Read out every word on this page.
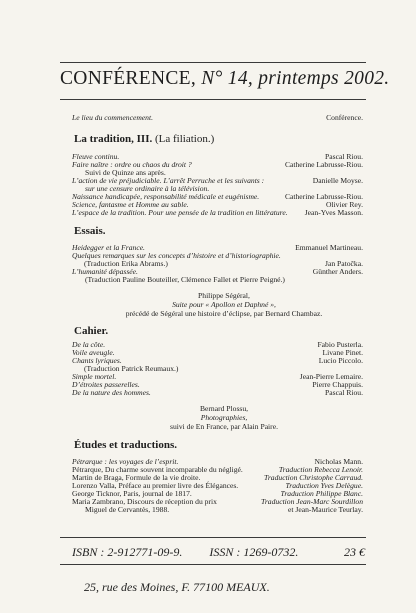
CONFÉRENCE, N° 14, printemps 2002.
Le lieu du commencement.	Conférence.
La tradition, III. (La filiation.)
Fleuve continu.	Pascal Riou.
Faire naître : ordre ou chaos du droit ?	Catherine Labrusse-Riou.
Suivi de Quinze ans après.
L’action de vie préjudiciable. L’arrêt Perruche et les suivants :	Danielle Moyse.
sur une censure ordinaire à la télévision.
Naissance handicapée, responsabilité médicale et eugénisme.	Catherine Labrusse-Riou.
Science, fantasme et Homme au sable.	Olivier Rey.
L’espace de la tradition. Pour une pensée de la tradition en littérature. Jean-Yves Masson.
Essais.
Heidegger et la France.	Emmanuel Martineau.
Quelques remarques sur les concepts d’histoire et d’historiographie.
(Traduction Erika Abrams.)	Jan Patočka.
L’humanité dépassée.	Günther Anders.
(Traduction Pauline Bouteiller, Clémence Fallet et Pierre Peigné.)
Philippe Ségéral,
Suite pour « Apollon et Daphné »,
précédé de Ségéral une histoire d’éclipse, par Bernard Chambaz.
Cahier.
De la côte.	Fabio Pusterla.
Voile aveugle.	Livane Pinet.
Chants lyriques.	Lucio Piccolo.
(Traduction Patrick Reumaux.)
Simple mortel.	Jean-Pierre Lemaire.
D’étroites passerelles.	Pierre Chappuis.
De la nature des hommes.	Pascal Riou.
Bernard Plossu,
Photographies,
suivi de En France, par Alain Paire.
Études et traductions.
Pétrarque : les voyages de l’esprit.	Nicholas Mann.
Pétrarque, Du charme souvent incomparable du négligé.	Traduction Rebecca Lenoir.
Martin de Braga, Formule de la vie droite.	Traduction Christophe Carraud.
Lorenzo Valla, Préface au premier livre des Élégances.	Traduction Yves Delègue.
George Ticknor, Paris, journal de 1817.	Traduction Philippe Blanc.
Maria Zambrano, Discours de réception du prix	Traduction Jean-Marc Sourdillon
Miguel de Cervantès, 1988.	et Jean-Maurice Teurlay.
ISBN : 2-912771-09-9. ISSN : 1269-0732.	23 €
25, rue des Moines, F. 77100 MEAUX.
